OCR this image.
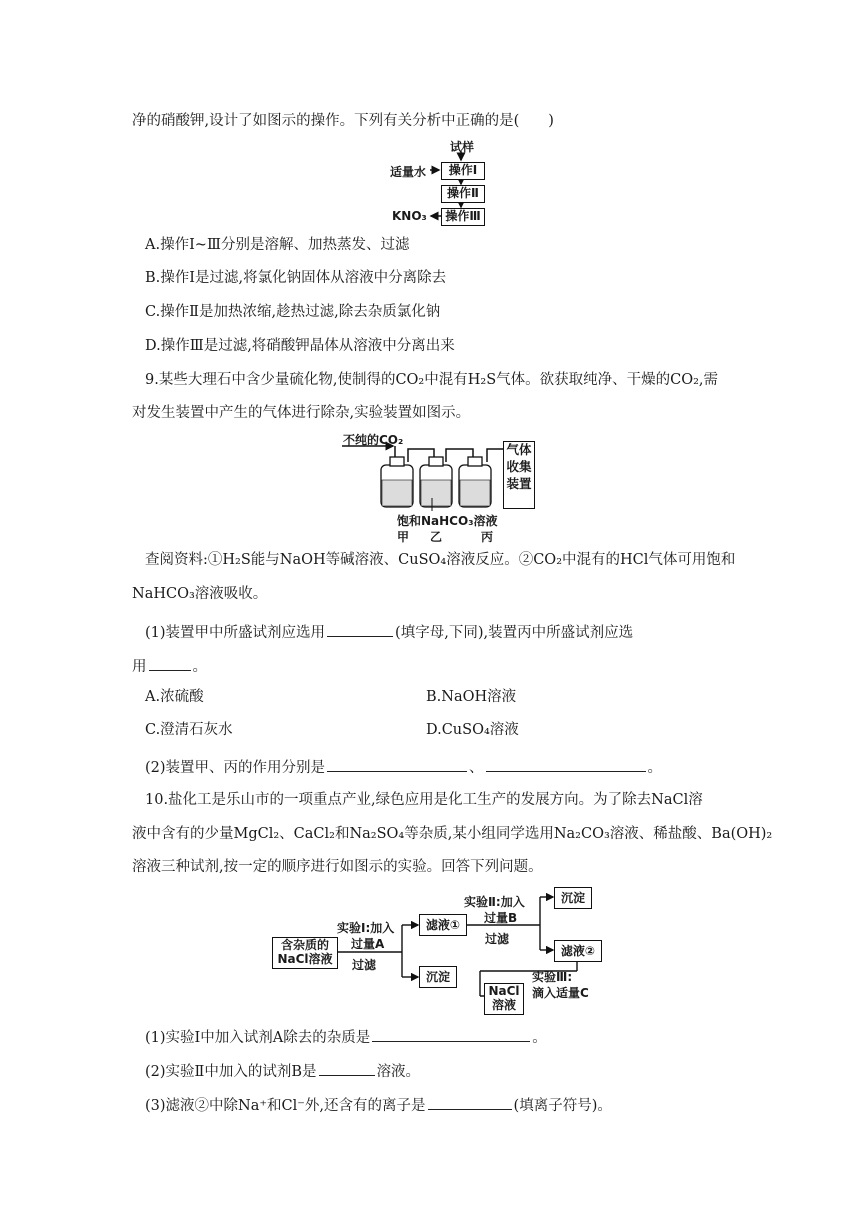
净的硝酸钾,设计了如图示的操作。下列有关分析中正确的是(　　)
试样
适量水	操作Ⅰ
操作Ⅱ
操作Ⅲ
KNO₃
A.操作Ⅰ~Ⅲ分别是溶解、加热蒸发、过滤
B.操作Ⅰ是过滤,将氯化钠固体从溶液中分离除去
C.操作Ⅱ是加热浓缩,趁热过滤,除去杂质氯化钠
D.操作Ⅲ是过滤,将硝酸钾晶体从溶液中分离出来
9.某些大理石中含少量硫化物,使制得的CO₂中混有H₂S气体。欲获取纯净、干燥的CO₂,需
对发生装置中产生的气体进行除杂,实验装置如图示。
不纯的CO₂
气体收集装置
饱和NaHCO₃溶液
甲 乙	丙
查阅资料:①H₂S能与NaOH等碱溶液、CuSO₄溶液反应。②CO₂中混有的HCl气体可用饱和
NaHCO₃溶液吸收。
(1)装置甲中所盛试剂应选用	(填字母,下同),装置丙中所盛试剂应选
用	。
A.浓硫酸	B.NaOH溶液
C.澄清石灰水	D.CuSO₄溶液
(2)装置甲、丙的作用分别是	、	。
10.盐化工是乐山市的一项重点产业,绿色应用是化工生产的发展方向。为了除去NaCl溶
液中含有的少量MgCl₂、CaCl₂和Na₂SO₄等杂质,某小组同学选用Na₂CO₃溶液、稀盐酸、Ba(OH)₂
溶液三种试剂,按一定的顺序进行如图示的实验。回答下列问题。
含杂质的NaCl溶液
实验Ⅰ:加入
过量A
过滤
滤液①
沉淀
实验Ⅱ:加入
过量B
过滤
沉淀
滤液②
实验Ⅲ:
滴入适量C
NaCl溶液
(1)实验Ⅰ中加入试剂A除去的杂质是	。
(2)实验Ⅱ中加入的试剂B是	溶液。
(3)滤液②中除Na⁺和Cl⁻外,还含有的离子是	(填离子符号)。
